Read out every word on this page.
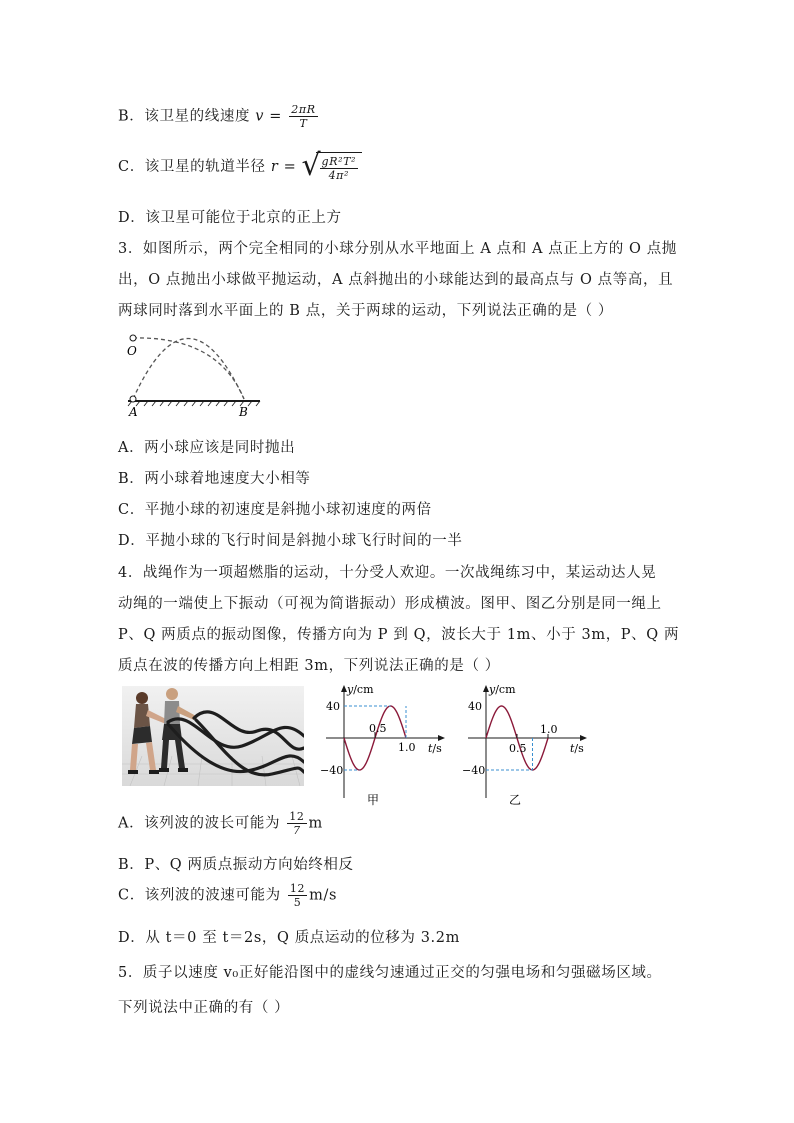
B．该卫星的线速度 $v = \frac{2\pi R}{T}$
C．该卫星的轨道半径 r = √
$\frac{\text{gR²T²}}{\text{4π²}}$
D．该卫星可能位于北京的正上方
3．如图所示，两个完全相同的小球分别从水平地面上 A 点和 A 点正上方的 O 点抛
出，O 点抛出小球做平抛运动，A 点斜抛出的小球能达到的最高点与 O 点等高，且
两球同时落到水平面上的 B 点，关于两球的运动，下列说法正确的是（ ）
O
A	B
A．两小球应该是同时抛出
B．两小球着地速度大小相等
C．平抛小球的初速度是斜抛小球初速度的两倍
D．平抛小球的飞行时间是斜抛小球飞行时间的一半
4．战绳作为一项超燃脂的运动，十分受人欢迎。一次战绳练习中，某运动达人晃
动绳的一端使上下振动（可视为简谐振动）形成横波。图甲、图乙分别是同一绳上
P、Q 两质点的振动图像，传播方向为 P 到 Q，波长大于 1m、小于 3m，P、Q 两
质点在波的传播方向上相距 3m，下列说法正确的是（ ）
y/cm
t/s
40
−40
0.5
1.0
甲
y/cm
t/s
40
−40
0.5
1.0
乙
A．该列波的波长可能为 $\frac{12}{7}$ m
B．P、Q 两质点振动方向始终相反
C．该列波的波速可能为 $\frac{12}{5} m/s$
D．从 t＝0 至 t＝2s，Q 质点运动的位移为 3.2m
5．质子以速度 v₀正好能沿图中的虚线匀速通过正交的匀强电场和匀强磁场区域。
下列说法中正确的有（ ）
